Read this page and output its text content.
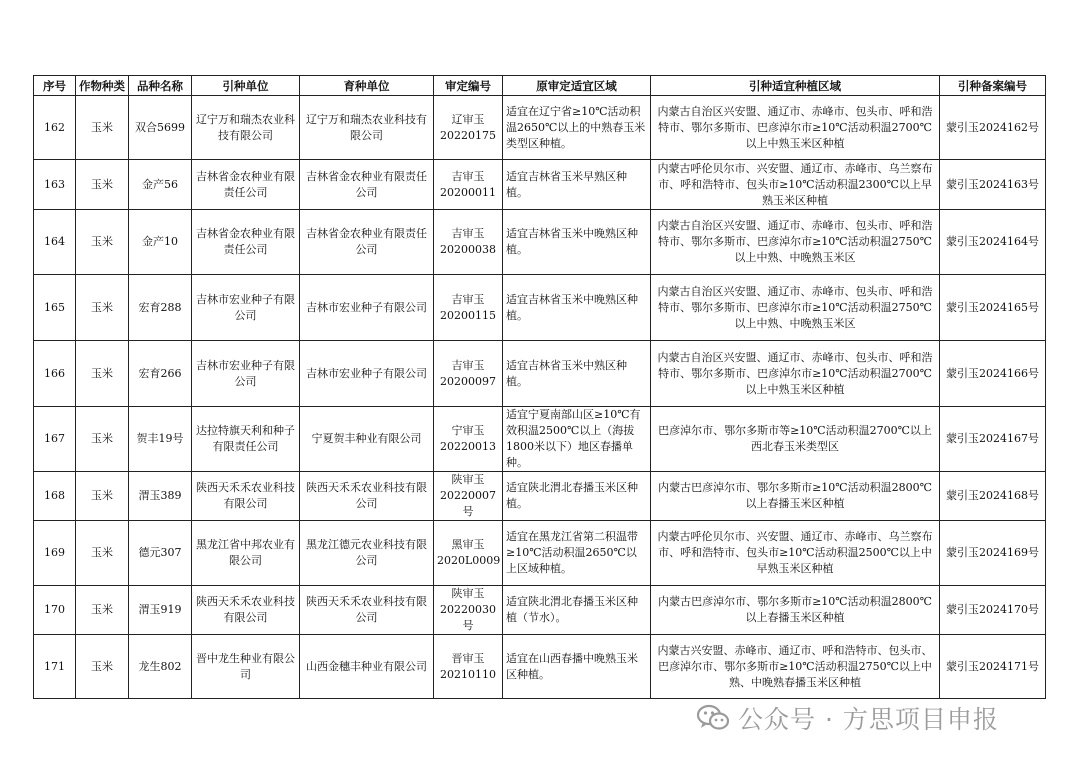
序号	作物种类	品种名称	引种单位	育种单位	审定编号	原审定适宜区域	引种适宜种植区域	引种备案编号
162	玉米	双合5699	辽宁万和瑞杰农业科技有限公司	辽宁万和瑞杰农业科技有限公司	辽审玉20220175	适宜在辽宁省≥10℃活动积温2650℃以上的中熟春玉米类型区种植。	内蒙古自治区兴安盟、通辽市、赤峰市、包头市、呼和浩特市、鄂尔多斯市、巴彦淖尔市≥10℃活动积温2700℃以上中熟玉米区种植	蒙引玉2024162号
163	玉米	金产56	吉林省金农种业有限责任公司	吉林省金农种业有限责任公司	吉审玉20200011	适宜吉林省玉米早熟区种植。	内蒙古呼伦贝尔市、兴安盟、通辽市、赤峰市、乌兰察布市、呼和浩特市、包头市≥10℃活动积温2300℃以上早熟玉米区种植	蒙引玉2024163号
164	玉米	金产10	吉林省金农种业有限责任公司	吉林省金农种业有限责任公司	吉审玉20200038	适宜吉林省玉米中晚熟区种植。	内蒙古自治区兴安盟、通辽市、赤峰市、包头市、呼和浩特市、鄂尔多斯市、巴彦淖尔市≥10℃活动积温2750℃以上中熟、中晚熟玉米区	蒙引玉2024164号
165	玉米	宏育288	吉林市宏业种子有限公司	吉林市宏业种子有限公司	吉审玉20200115	适宜吉林省玉米中晚熟区种植。	内蒙古自治区兴安盟、通辽市、赤峰市、包头市、呼和浩特市、鄂尔多斯市、巴彦淖尔市≥10℃活动积温2750℃以上中熟、中晚熟玉米区	蒙引玉2024165号
166	玉米	宏育266	吉林市宏业种子有限公司	吉林市宏业种子有限公司	吉审玉20200097	适宜吉林省玉米中熟区种植。	内蒙古自治区兴安盟、通辽市、赤峰市、包头市、呼和浩特市、鄂尔多斯市、巴彦淖尔市≥10℃活动积温2700℃以上中熟玉米区种植	蒙引玉2024166号
167	玉米	贺丰19号	达拉特旗天利和种子有限责任公司	宁夏贺丰种业有限公司	宁审玉20220013	适宜宁夏南部山区≥10℃有效积温2500℃以上（海拔1800米以下）地区春播单种。	巴彦淖尔市、鄂尔多斯市等≥10℃活动积温2700℃以上西北春玉米类型区	蒙引玉2024167号
168	玉米	渭玉389	陕西天禾禾农业科技有限公司	陕西天禾禾农业科技有限公司	陕审玉20220007号	适宜陕北渭北春播玉米区种植。	内蒙古巴彦淖尔市、鄂尔多斯市≥10℃活动积温2800℃以上春播玉米区种植	蒙引玉2024168号
169	玉米	德元307	黑龙江省中邦农业有限公司	黑龙江德元农业科技有限公司	黑审玉2020L0009	适宜在黑龙江省第二积温带≥10℃活动积温2650℃以上区域种植。	内蒙古呼伦贝尔市、兴安盟、通辽市、赤峰市、乌兰察布市、呼和浩特市、包头市≥10℃活动积温2500℃以上中早熟玉米区种植	蒙引玉2024169号
170	玉米	渭玉919	陕西天禾禾农业科技有限公司	陕西天禾禾农业科技有限公司	陕审玉20220030号	适宜陕北渭北春播玉米区种植（节水）。	内蒙古巴彦淖尔市、鄂尔多斯市≥10℃活动积温2800℃以上春播玉米区种植	蒙引玉2024170号
171	玉米	龙生802	晋中龙生种业有限公司	山西金穗丰种业有限公司	晋审玉20210110	适宜在山西春播中晚熟玉米区种植。	内蒙古兴安盟、赤峰市、通辽市、呼和浩特市、包头市、巴彦淖尔市、鄂尔多斯市≥10℃活动积温2750℃以上中熟、中晚熟春播玉米区种植	蒙引玉2024171号
公众号 · 方思项目申报
